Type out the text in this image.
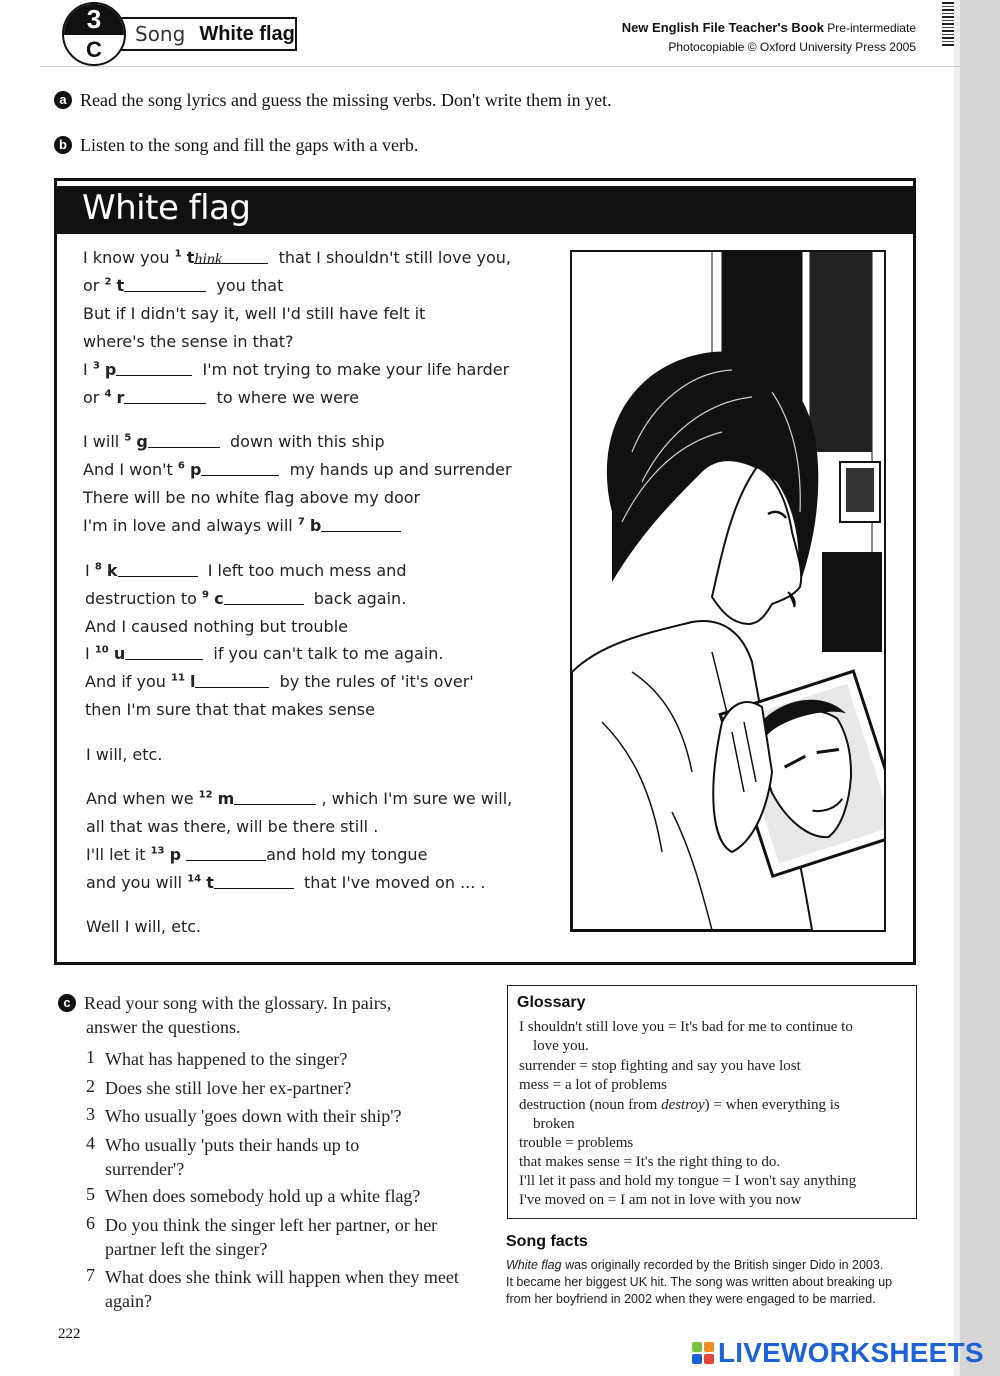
3
C
Song White flag	New English File Teacher's Book Pre-intermediate
Photocopiable © Oxford University Press 2005
a Read the song lyrics and guess the missing verbs. Don't write them in yet.
b Listen to the song and fill the gaps with a verb.
White flag
I know you $^1$ think	that I shouldn't still love you,
or $^2$ t	you that
But if I didn't say it, well I'd still have felt it
where's the sense in that?
I $^3$ p	I'm not trying to make your life harder
or $^4$ r	to where we were
I will $^5$ g	down with this ship
And I won't $^6$ p	my hands up and surrender
There will be no white flag above my door
I'm in love and always will $^7$ b
I $^8$ k	I left too much mess and
destruction to $^9$ c	back again.
And I caused nothing but trouble
I $^{10}$ u	if you can't talk to me again.
And if you $^{11}$ l	by the rules of 'it's over'
then I'm sure that that makes sense
I will, etc.
And when we $^{12}$ m	, which I'm sure we will,
all that was there, will be there still .
I'll let it $^{13}$ p	and hold my tongue
and you will $^{14}$ t	that I've moved on ... .
Well I will, etc.
c Read your song with the glossary. In pairs,
answer the questions.
1 What has happened to the singer?
2 Does she still love her ex-partner?
3 Who usually 'goes down with their ship'?
4 Who usually 'puts their hands up to surrender'?
5 When does somebody hold up a white flag?
6 Do you think the singer left her partner, or her partner left the singer?
7 What does she think will happen when they meet again?
Glossary
I shouldn't still love you = It's bad for me to continue to
love you.
surrender = stop fighting and say you have lost
mess = a lot of problems
destruction (noun from destroy) = when everything is
broken
trouble = problems
that makes sense = It's the right thing to do.
I'll let it pass and hold my tongue = I won't say anything
I've moved on = I am not in love with you now
Song facts
White flag was originally recorded by the British singer Dido in 2003.
It became her biggest UK hit. The song was written about breaking up
from her boyfriend in 2002 when they were engaged to be married.
222
LIVEWORKSHEETS
